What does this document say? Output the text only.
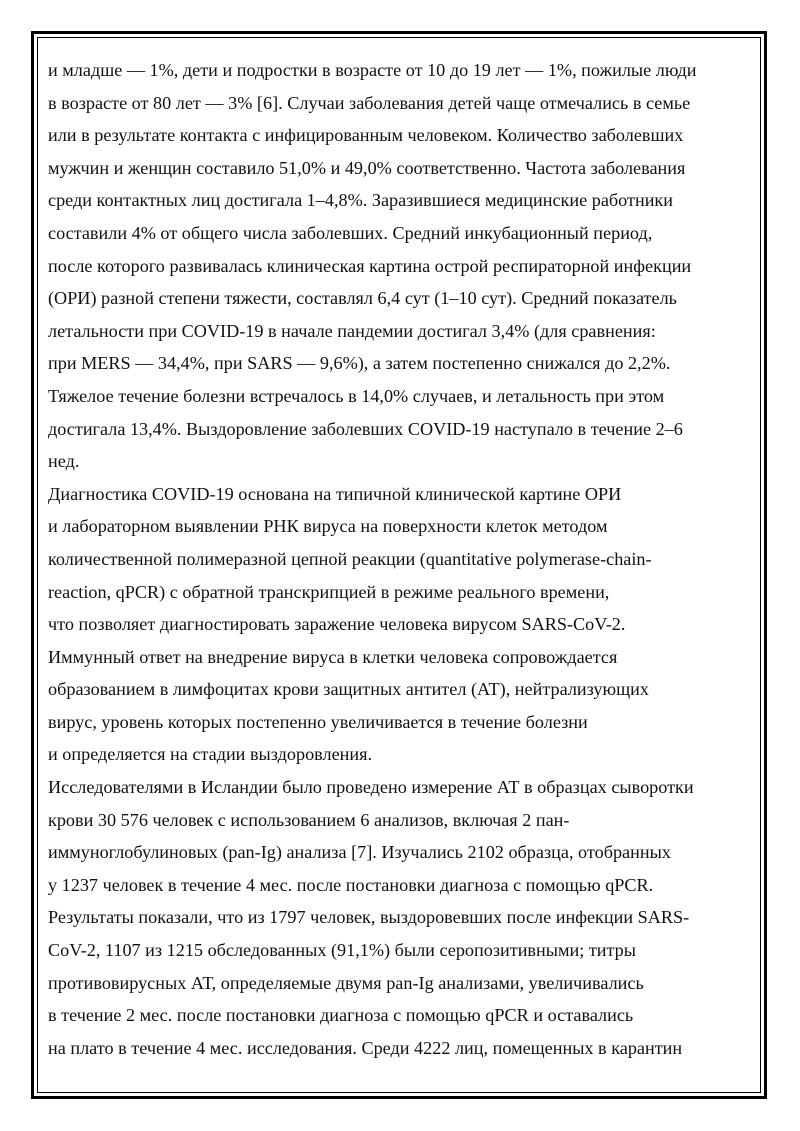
и младше — 1%, дети и подростки в возрасте от 10 до 19 лет — 1%, пожилые люди

в возрасте от 80 лет — 3% [6]. Случаи заболевания детей чаще отмечались в семье

или в результате контакта с инфицированным человеком. Количество заболевших

мужчин и женщин составило 51,0% и 49,0% соответственно. Частота заболевания

среди контактных лиц достигала 1–4,8%. Заразившиеся медицинские работники

составили 4% от общего числа заболевших. Средний инкубационный период,

после которого развивалась клиническая картина острой респираторной инфекции

(ОРИ) разной степени тяжести, составлял 6,4 сут (1–10 сут). Средний показатель

летальности при COVID-19 в начале пандемии достигал 3,4% (для сравнения:

при MERS — 34,4%, при SARS — 9,6%), а затем постепенно снижался до 2,2%.

Тяжелое течение болезни встречалось в 14,0% случаев, и летальность при этом

достигала 13,4%. Выздоровление заболевших COVID-19 наступало в течение 2–6

нед.

Диагностика COVID-19 основана на типичной клинической картине ОРИ

и лабораторном выявлении РНК вируса на поверхности клеток методом

количественной полимеразной цепной реакции (quantitative polymerase-chain-

reaction, qPCR) с обратной транскрипцией в режиме реального времени,

что позволяет диагностировать заражение человека вирусом SARS-CoV-2.

Иммунный ответ на внедрение вируса в клетки человека сопровождается

образованием в лимфоцитах крови защитных антител (АТ), нейтрализующих

вирус, уровень которых постепенно увеличивается в течение болезни

и определяется на стадии выздоровления.

Исследователями в Исландии было проведено измерение АТ в образцах сыворотки

крови 30 576 человек с использованием 6 анализов, включая 2 пан-

иммуноглобулиновых (pan-Ig) анализа [7]. Изучались 2102 образца, отобранных

у 1237 человек в течение 4 мес. после постановки диагноза с помощью qPCR.

Результаты показали, что из 1797 человек, выздоровевших после инфекции SARS-

CoV-2, 1107 из 1215 обследованных (91,1%) были серопозитивными; титры

противовирусных АТ, определяемые двумя pan-Ig анализами, увеличивались

в течение 2 мес. после постановки диагноза с помощью qPCR и оставались

на плато в течение 4 мес. исследования. Среди 4222 лиц, помещенных в карантин
